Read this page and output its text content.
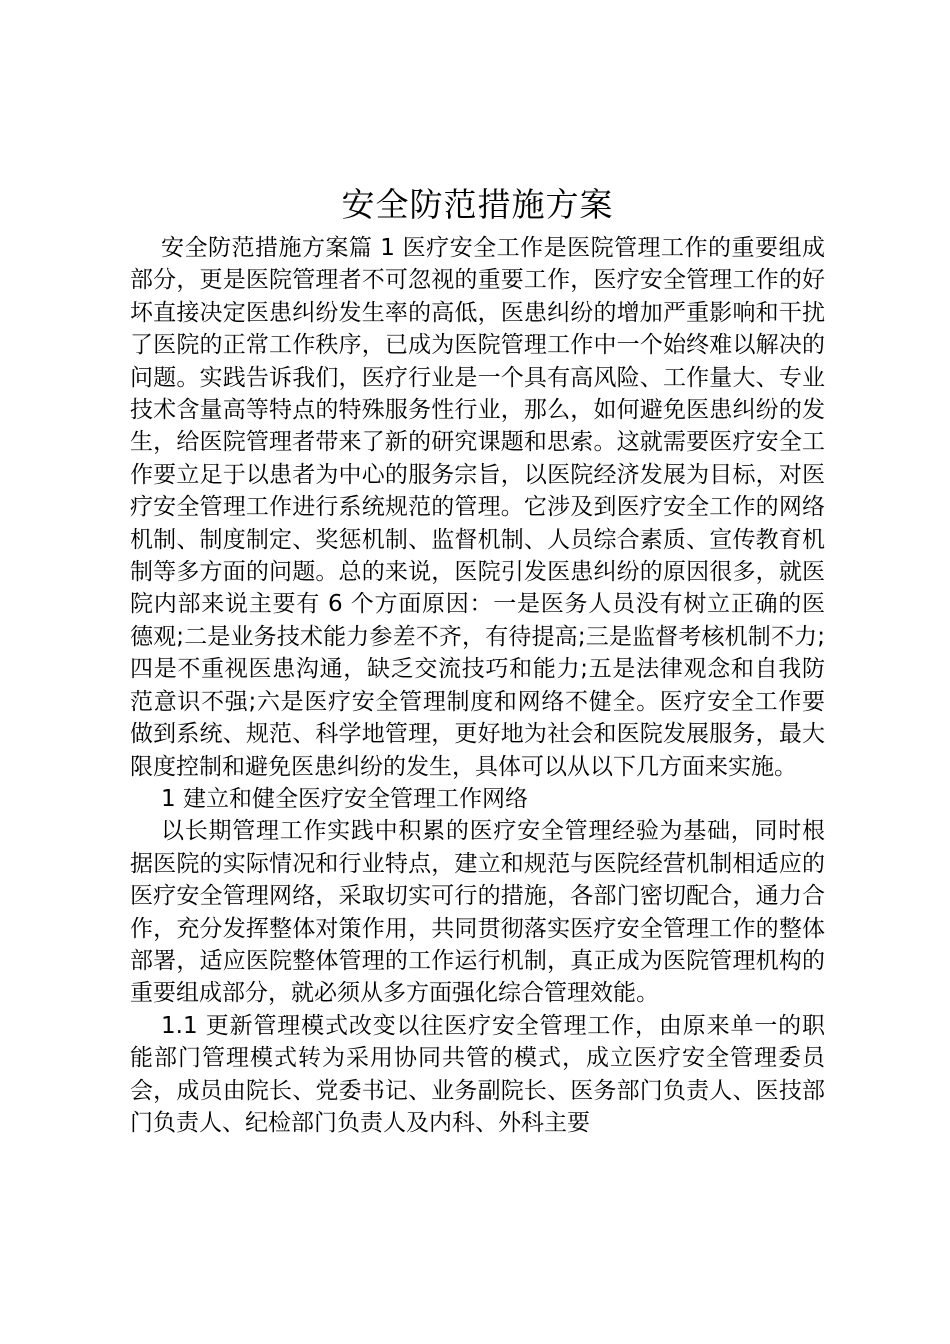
安全防范措施方案

安全防范措施方案篇 1 医疗安全工作是医院管理工作的重要组成部分，更是医院管理者不可忽视的重要工作，医疗安全管理工作的好坏直接决定医患纠纷发生率的高低，医患纠纷的增加严重影响和干扰了医院的正常工作秩序，已成为医院管理工作中一个始终难以解决的问题。实践告诉我们，医疗行业是一个具有高风险、工作量大、专业技术含量高等特点的特殊服务性行业，那么，如何避免医患纠纷的发生，给医院管理者带来了新的研究课题和思索。这就需要医疗安全工作要立足于以患者为中心的服务宗旨，以医院经济发展为目标，对医疗安全管理工作进行系统规范的管理。它涉及到医疗安全工作的网络机制、制度制定、奖惩机制、监督机制、人员综合素质、宣传教育机制等多方面的问题。总的来说，医院引发医患纠纷的原因很多，就医院内部来说主要有 6 个方面原因：一是医务人员没有树立正确的医德观;二是业务技术能力参差不齐，有待提高;三是监督考核机制不力;四是不重视医患沟通，缺乏交流技巧和能力;五是法律观念和自我防范意识不强;六是医疗安全管理制度和网络不健全。医疗安全工作要做到系统、规范、科学地管理，更好地为社会和医院发展服务，最大限度控制和避免医患纠纷的发生，具体可以从以下几方面来实施。

1 建立和健全医疗安全管理工作网络

以长期管理工作实践中积累的医疗安全管理经验为基础，同时根据医院的实际情况和行业特点，建立和规范与医院经营机制相适应的医疗安全管理网络，采取切实可行的措施，各部门密切配合，通力合作，充分发挥整体对策作用，共同贯彻落实医疗安全管理工作的整体部署，适应医院整体管理的工作运行机制，真正成为医院管理机构的重要组成部分，就必须从多方面强化综合管理效能。

1.1 更新管理模式改变以往医疗安全管理工作，由原来单一的职能部门管理模式转为采用协同共管的模式，成立医疗安全管理委员会，成员由院长、党委书记、业务副院长、医务部门负责人、医技部门负责人、纪检部门负责人及内科、外科主要
